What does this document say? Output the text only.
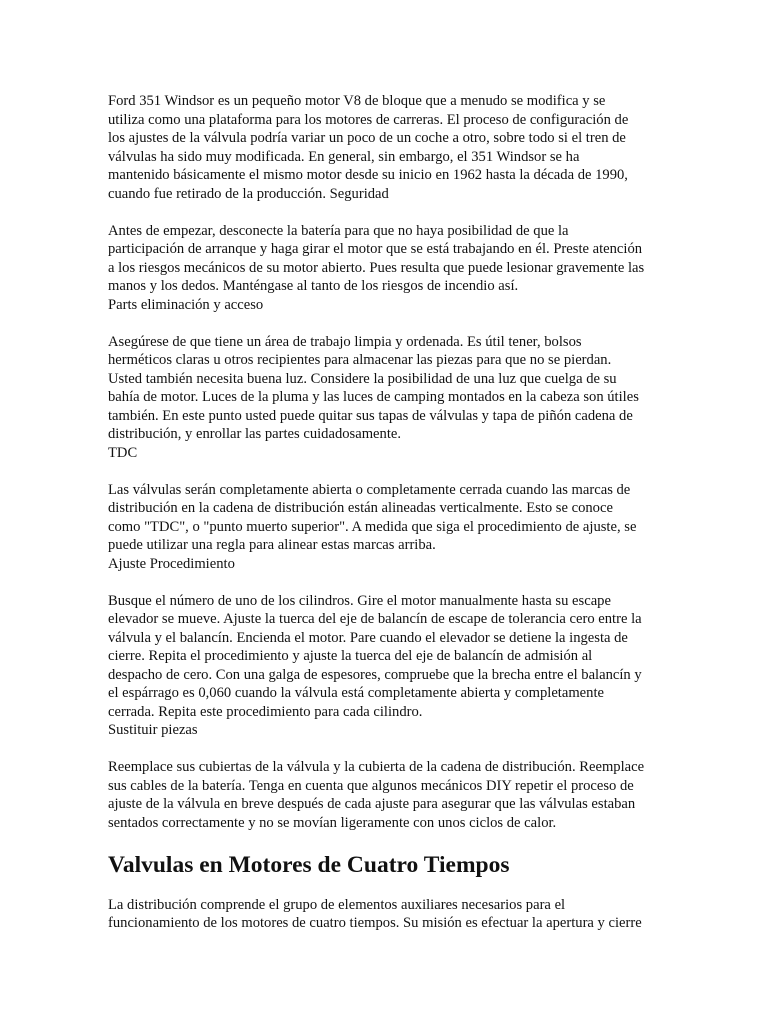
Ford 351 Windsor es un pequeño motor V8 de bloque que a menudo se modifica y se
utiliza como una plataforma para los motores de carreras. El proceso de configuración de
los ajustes de la válvula podría variar un poco de un coche a otro, sobre todo si el tren de
válvulas ha sido muy modificada. En general, sin embargo, el 351 Windsor se ha
mantenido básicamente el mismo motor desde su inicio en 1962 hasta la década de 1990,
cuando fue retirado de la producción. Seguridad

Antes de empezar, desconecte la batería para que no haya posibilidad de que la
participación de arranque y haga girar el motor que se está trabajando en él. Preste atención
a los riesgos mecánicos de su motor abierto. Pues resulta que puede lesionar gravemente las
manos y los dedos. Manténgase al tanto de los riesgos de incendio así.
Parts eliminación y acceso

Asegúrese de que tiene un área de trabajo limpia y ordenada. Es útil tener, bolsos
herméticos claras u otros recipientes para almacenar las piezas para que no se pierdan.
Usted también necesita buena luz. Considere la posibilidad de una luz que cuelga de su
bahía de motor. Luces de la pluma y las luces de camping montados en la cabeza son útiles
también. En este punto usted puede quitar sus tapas de válvulas y tapa de piñón cadena de
distribución, y enrollar las partes cuidadosamente.
TDC

Las válvulas serán completamente abierta o completamente cerrada cuando las marcas de
distribución en la cadena de distribución están alineadas verticalmente. Esto se conoce
como "TDC", o "punto muerto superior". A medida que siga el procedimiento de ajuste, se
puede utilizar una regla para alinear estas marcas arriba.
Ajuste Procedimiento

Busque el número de uno de los cilindros. Gire el motor manualmente hasta su escape
elevador se mueve. Ajuste la tuerca del eje de balancín de escape de tolerancia cero entre la
válvula y el balancín. Encienda el motor. Pare cuando el elevador se detiene la ingesta de
cierre. Repita el procedimiento y ajuste la tuerca del eje de balancín de admisión al
despacho de cero. Con una galga de espesores, compruebe que la brecha entre el balancín y
el espárrago es 0,060 cuando la válvula está completamente abierta y completamente
cerrada. Repita este procedimiento para cada cilindro.
Sustituir piezas

Reemplace sus cubiertas de la válvula y la cubierta de la cadena de distribución. Reemplace
sus cables de la batería. Tenga en cuenta que algunos mecánicos DIY repetir el proceso de
ajuste de la válvula en breve después de cada ajuste para asegurar que las válvulas estaban
sentados correctamente y no se movían ligeramente con unos ciclos de calor.

Valvulas en Motores de Cuatro Tiempos

La distribución comprende el grupo de elementos auxiliares necesarios para el
funcionamiento de los motores de cuatro tiempos. Su misión es efectuar la apertura y cierre
